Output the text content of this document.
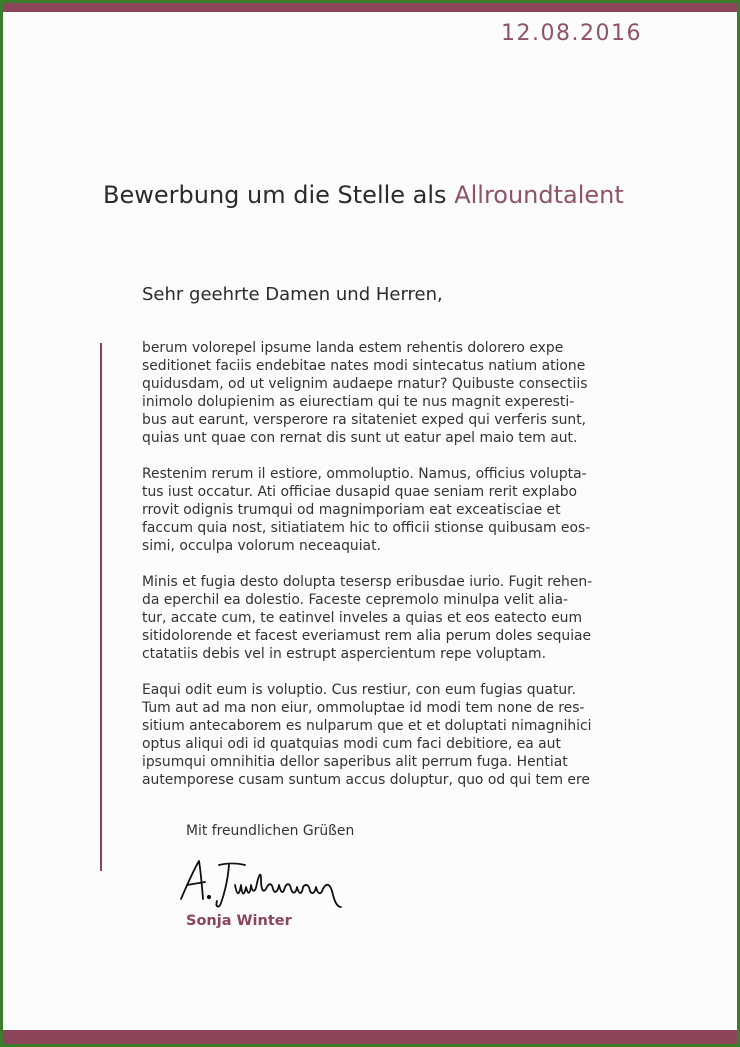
12.08.2016
Bewerbung um die Stelle als Allroundtalent
Sehr geehrte Damen und Herren,
berum volorepel ipsume landa estem rehentis dolorero expe
seditionet faciis endebitae nates modi sintecatus natium atione
quidusdam, od ut velignim audaepe rnatur? Quibuste consectiis
inimolo dolupienim as eiurectiam qui te nus magnit experesti-
bus aut earunt, versperore ra sitateniet exped qui verferis sunt,
quias unt quae con rernat dis sunt ut eatur apel maio tem aut.
Restenim rerum il estiore, ommoluptio. Namus, officius volupta-
tus iust occatur. Ati officiae dusapid quae seniam rerit explabo
rrovit odignis trumqui od magnimporiam eat exceatisciae et
faccum quia nost, sitiatiatem hic to officii stionse quibusam eos-
simi, occulpa volorum neceaquiat.
Minis et fugia desto dolupta tesersp eribusdae iurio. Fugit rehen-
da eperchil ea dolestio. Faceste cepremolo minulpa velit alia-
tur, accate cum, te eatinvel inveles a quias et eos eatecto eum
sitidolorende et facest everiamust rem alia perum doles sequiae
ctatatiis debis vel in estrupt aspercientum repe voluptam.
Eaqui odit eum is voluptio. Cus restiur, con eum fugias quatur.
Tum aut ad ma non eiur, ommoluptae id modi tem none de res-
sitium antecaborem es nulparum que et et doluptati nimagnihici
optus aliqui odi id quatquias modi cum faci debitiore, ea aut
ipsumqui omnihitia dellor saperibus alit perrum fuga. Hentiat
autemporese cusam suntum accus doluptur, quo od qui tem ere
Mit freundlichen Grüßen
Sonja Winter
